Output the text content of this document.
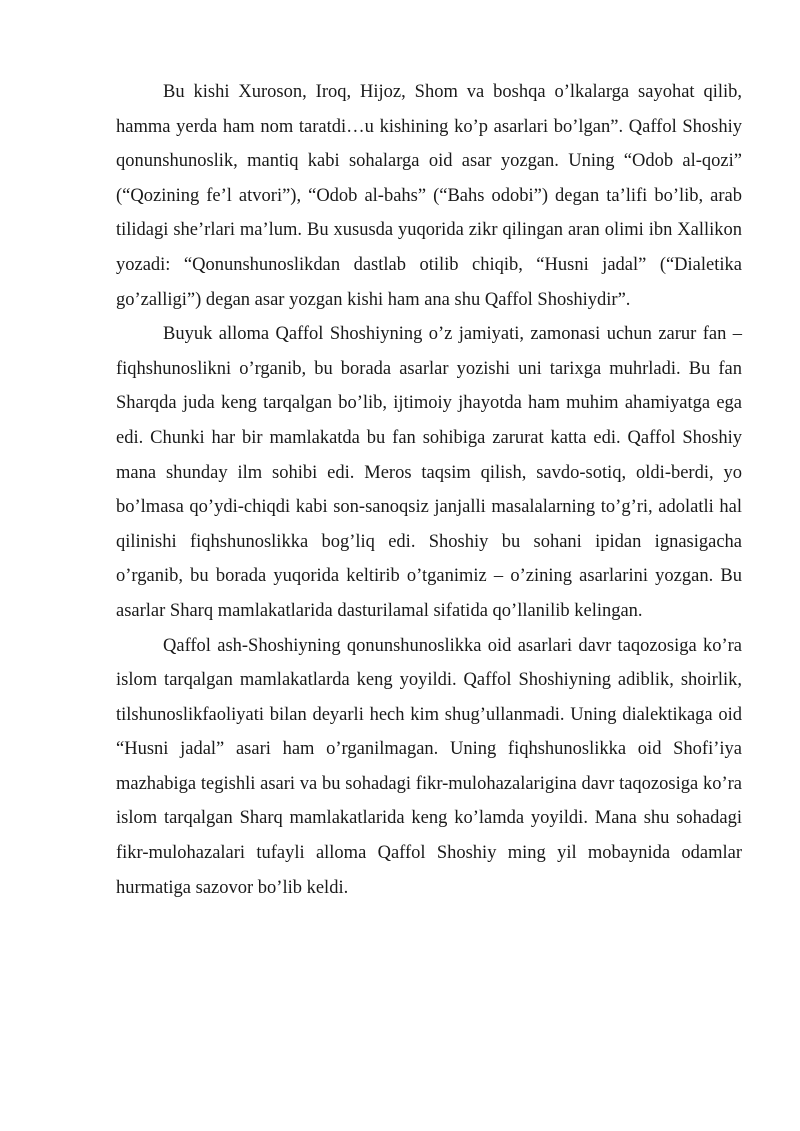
Bu kishi Xuroson, Iroq, Hijoz, Shom va boshqa o’lkalarga sayohat qilib, hamma yerda ham nom taratdi…u kishining ko’p asarlari bo’lgan”. Qaffol Shoshiy qonunshunoslik, mantiq kabi sohalarga oid asar yozgan. Uning “Odob al-qozi” (“Qozining fe’l atvori”), “Odob al-bahs” (“Bahs odobi”) degan ta’lifi bo’lib, arab tilidagi she’rlari ma’lum. Bu xususda yuqorida zikr qilingan aran olimi ibn Xallikon yozadi: “Qonunshunoslikdan dastlab otilib chiqib, “Husni jadal” (“Dialetika go’zalligi”) degan asar yozgan kishi ham ana shu Qaffol Shoshiydir”.

Buyuk alloma Qaffol Shoshiyning o’z jamiyati, zamonasi uchun zarur fan – fiqhshunoslikni o’rganib, bu borada asarlar yozishi uni tarixga muhrladi. Bu fan Sharqda juda keng tarqalgan bo’lib, ijtimoiy jhayotda ham muhim ahamiyatga ega edi. Chunki har bir mamlakatda bu fan sohibiga zarurat katta edi. Qaffol Shoshiy mana shunday ilm sohibi edi. Meros taqsim qilish, savdo-sotiq, oldi-berdi, yo bo’lmasa qo’ydi-chiqdi kabi son-sanoqsiz janjalli masalalarning to’g’ri, adolatli hal qilinishi fiqhshunoslikka bog’liq edi. Shoshiy bu sohani ipidan ignasigacha o’rganib, bu borada yuqorida keltirib o’tganimiz – o’zining asarlarini yozgan. Bu asarlar Sharq mamlakatlarida dasturilamal sifatida qo’llanilib kelingan.

Qaffol ash-Shoshiyning qonunshunoslikka oid asarlari davr taqozosiga ko’ra islom tarqalgan mamlakatlarda keng yoyildi. Qaffol Shoshiyning adiblik, shoirlik, tilshunoslikfaoliyati bilan deyarli hech kim shug’ullanmadi. Uning dialektikaga oid “Husni jadal” asari ham o’rganilmagan. Uning fiqhshunoslikka oid Shofi’iya mazhabiga tegishli asari va bu sohadagi fikr-mulohazalarigina davr taqozosiga ko’ra islom tarqalgan Sharq mamlakatlarida keng ko’lamda yoyildi. Mana shu sohadagi fikr-mulohazalari tufayli alloma Qaffol Shoshiy ming yil mobaynida odamlar hurmatiga sazovor bo’lib keldi.
